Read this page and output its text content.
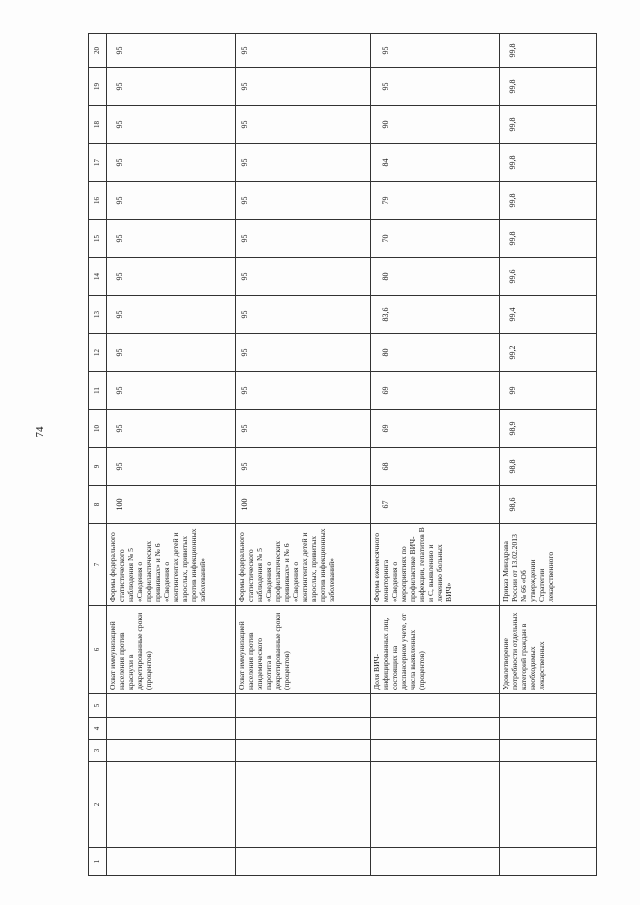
74
1	2	3	4	5	6	7	8	9	10	11	12	13	14	15	16	17	18	19	20
					Охват иммунизацией населения против краснухи в декретированные сроки (процентов)	Формы федерального статистического наблюдения № 5 «Сведения о профилактических прививках» и № 6 «Сведения о контингентах детей и взрослых, привитых против инфекционных заболеваний»	100	95	95	95	95	95	95	95	95	95	95	95	95
					Охват иммунизацией населения против эпидемического паротита в декретированные сроки (процентов)	Формы федерального статистического наблюдения № 5 «Сведения о профилактических прививках» и № 6 «Сведения о контингентах детей и взрослых, привитых против инфекционных заболеваний»	100	95	95	95	95	95	95	95	95	95	95	95	95
					Доля ВИЧ-инфицированных лиц, состоящих на диспансерном учете, от числа выявленных (процентов)	Форма ежемесячного мониторинга «Сведения о мероприятиях по профилактике ВИЧ-инфекции, гепатитов В и С, выявлению и лечению больных ВИЧ»	67	68	69	69	80	83,6	80	70	79	84	90	95	95
					Удовлетворение потребности отдельных категорий граждан в необходимых лекарственных	Приказ Минздрава России от 13.02.2013 № 66 «Об утверждении Стратегии лекарственного	98,6	98,8	98,9	99	99,2	99,4	99,6	99,8	99,8	99,8	99,8	99,8	99,8
